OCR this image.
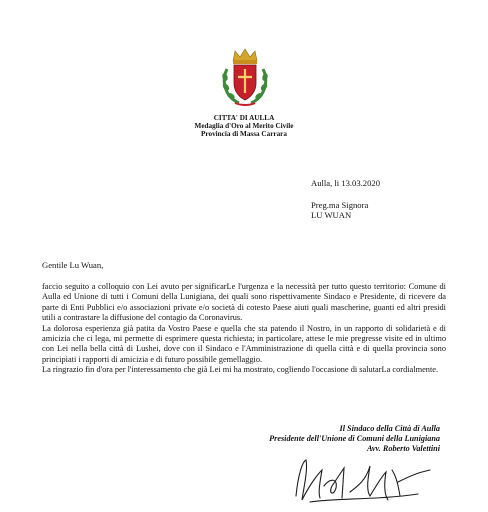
CITTA' DI AULLA
Medaglia d'Oro al Merito Civile
Provincia di Massa Carrara
Aulla, li 13.03.2020
Preg.ma Signora
LU WUAN
Gentile Lu Wuan,

faccio seguito a colloquio con Lei avuto per significarLe l'urgenza e la necessità per tutto questo territorio: Comune di Aulla ed Unione di tutti i Comuni della Lunigiana, dei quali sono rispettivamente Sindaco e Presidente, di ricevere da parte di Enti Pubblici e/o associazioni private e/o società di cotesto Paese aiuti quali mascherine, guanti ed altri presidi utili a contrastare la diffusione del contagio da Coronavirus.

La dolorosa esperienza già patita da Vostro Paese e quella che sta patendo il Nostro, in un rapporto di solidarietà e di amicizia che ci lega, mi permette di esprimere questa richiesta; in particolare, attese le mie pregresse visite ed in ultimo con Lei nella bella città di Lushei, dove con il Sindaco e l'Amministrazione di quella città e di quella provincia sono principiati i rapporti di amicizia e di futuro possibile gemellaggio.

La ringrazio fin d'ora per l'interessamento che già Lei mi ha mostrato, cogliendo l'occasione di salutarLa cordialmente.

Il Sindaco della Città di Aulla
Presidente dell'Unione di Comuni della Lunigiana
Avv. Roberto Valettini
